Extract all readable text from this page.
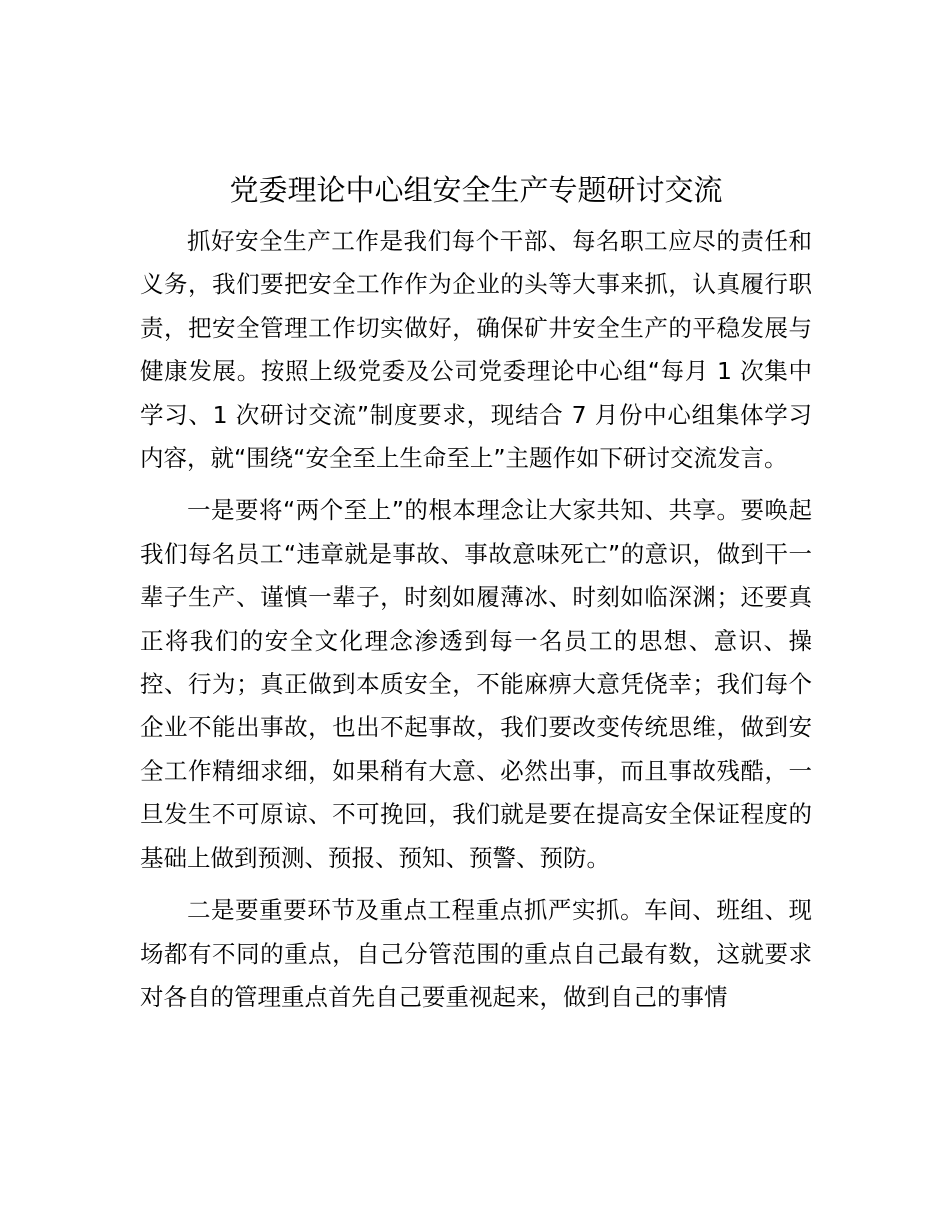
党委理论中心组安全生产专题研讨交流

抓好安全生产工作是我们每个干部、每名职工应尽的责任和义务，我们要把安全工作作为企业的头等大事来抓，认真履行职责，把安全管理工作切实做好，确保矿井安全生产的平稳发展与健康发展。按照上级党委及公司党委理论中心组“每月 1 次集中学习、1 次研讨交流”制度要求，现结合 7 月份中心组集体学习内容，就“围绕“安全至上生命至上”主题作如下研讨交流发言。

一是要将“两个至上”的根本理念让大家共知、共享。要唤起我们每名员工“违章就是事故、事故意味死亡”的意识，做到干一辈子生产、谨慎一辈子，时刻如履薄冰、时刻如临深渊；还要真正将我们的安全文化理念渗透到每一名员工的思想、意识、操控、行为；真正做到本质安全，不能麻痹大意凭侥幸；我们每个企业不能出事故，也出不起事故，我们要改变传统思维，做到安全工作精细求细，如果稍有大意、必然出事，而且事故残酷，一旦发生不可原谅、不可挽回，我们就是要在提高安全保证程度的基础上做到预测、预报、预知、预警、预防。

二是要重要环节及重点工程重点抓严实抓。车间、班组、现场都有不同的重点，自己分管范围的重点自己最有数，这就要求对各自的管理重点首先自己要重视起来，做到自己的事情
